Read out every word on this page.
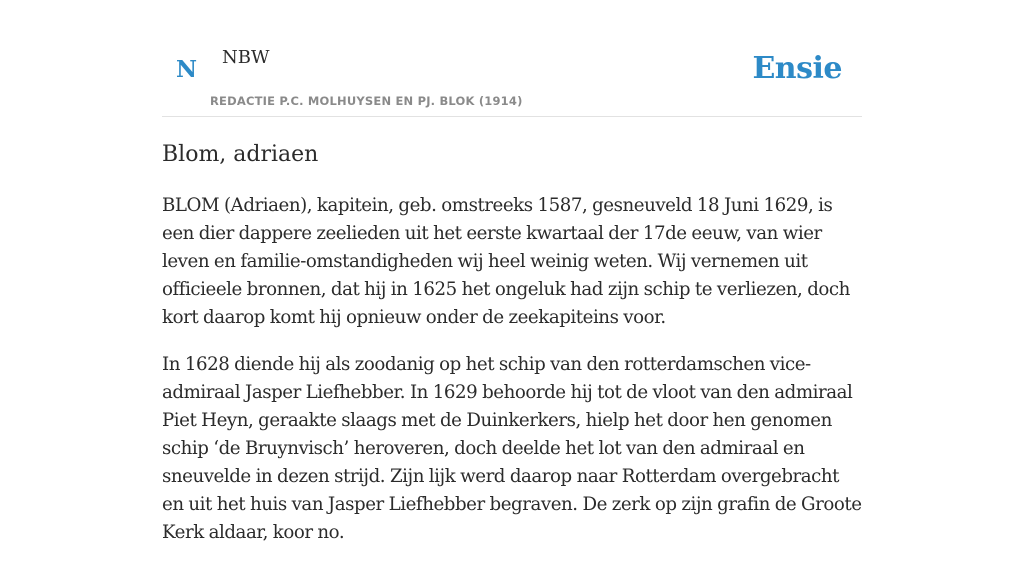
N NBW
REDACTIE P.C. MOLHUYSEN EN PJ. BLOK (1914)
Ensie
Blom, adriaen

BLOM (Adriaen), kapitein, geb. omstreeks 1587, gesneuveld 18 Juni 1629, is een dier dappere zeelieden uit het eerste kwartaal der 17de eeuw, van wier leven en familie-omstandigheden wij heel weinig weten. Wij vernemen uit officieele bronnen, dat hij in 1625 het ongeluk had zijn schip te verliezen, doch kort daarop komt hij opnieuw onder de zeekapiteins voor.

In 1628 diende hij als zoodanig op het schip van den rotterdamschen vice-admiraal Jasper Liefhebber. In 1629 behoorde hij tot de vloot van den admiraal Piet Heyn, geraakte slaags met de Duinkerkers, hielp het door hen genomen schip ‘de Bruynvisch’ heroveren, doch deelde het lot van den admiraal en sneuvelde in dezen strijd. Zijn lijk werd daarop naar Rotterdam overgebracht en uit het huis van Jasper Liefhebber begraven. De zerk op zijn grafin de Groote Kerk aldaar, koor no.
